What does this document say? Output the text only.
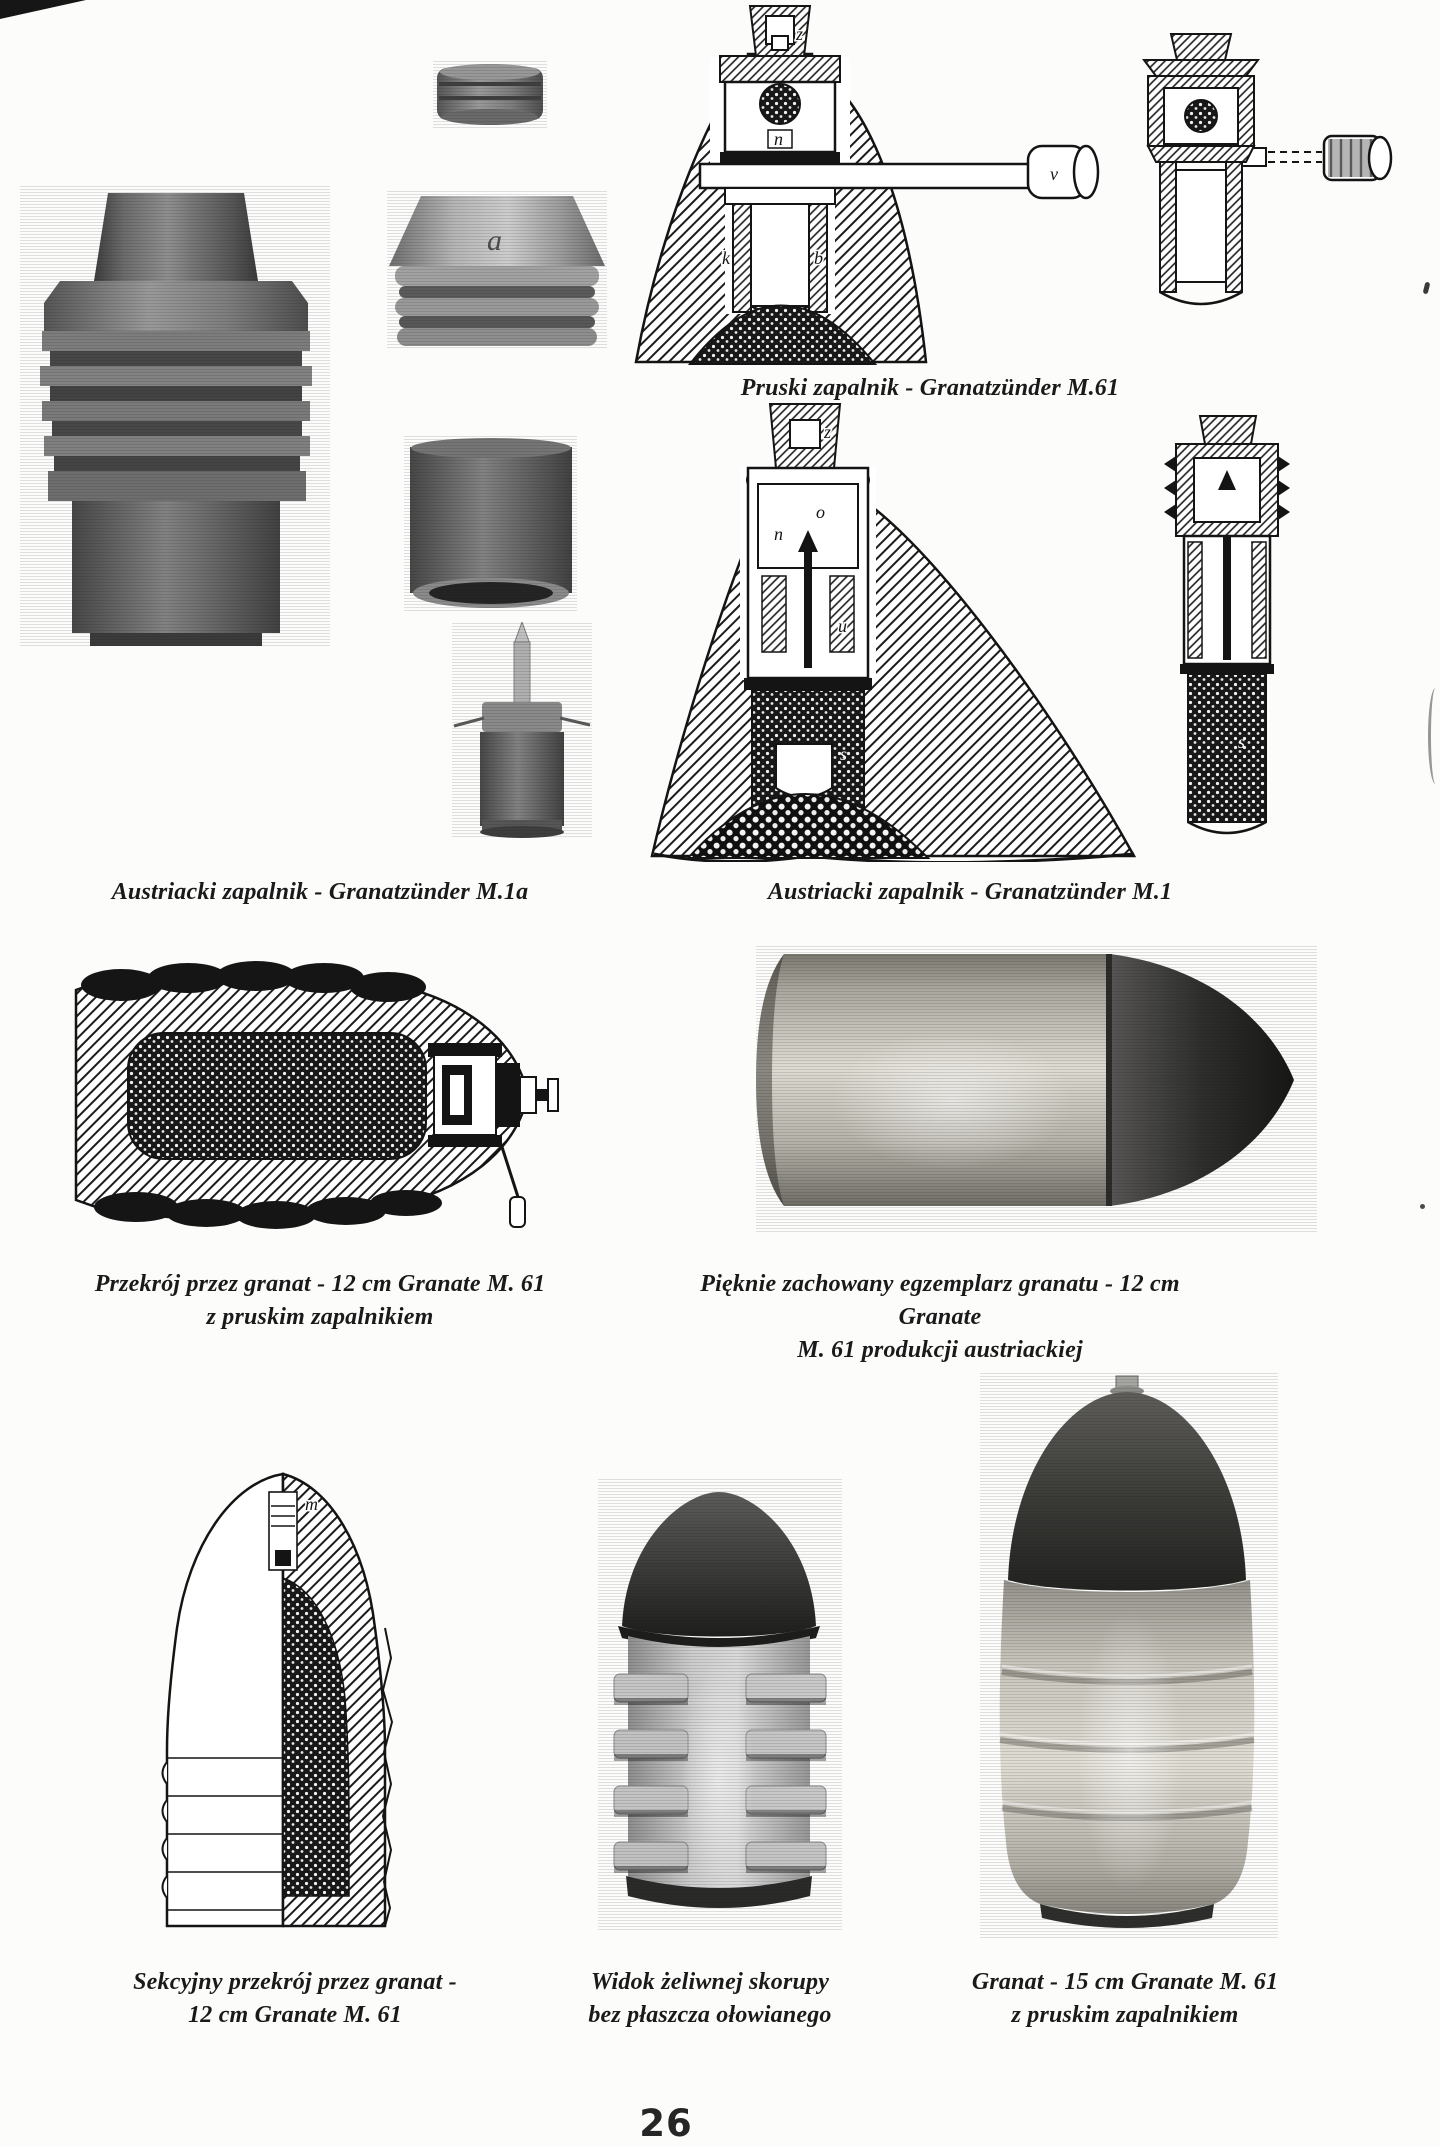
z
n
k	b
v
Pruski zapalnik - Granatzünder M.61
z
n
o
u
s
s
Austriacki zapalnik - Granatzünder M.1a	Austriacki zapalnik - Granatzünder M.1
Przekrój przez granat - 12 cm Granate M. 61
z pruskim zapalnikiem
Pięknie zachowany egzemplarz granatu - 12 cm Granate
M. 61 produkcji austriackiej
m
Sekcyjny przekrój przez granat -
12 cm Granate M. 61
Widok żeliwnej skorupy
bez płaszcza ołowianego
Granat - 15 cm Granate M. 61
z pruskim zapalnikiem
26
